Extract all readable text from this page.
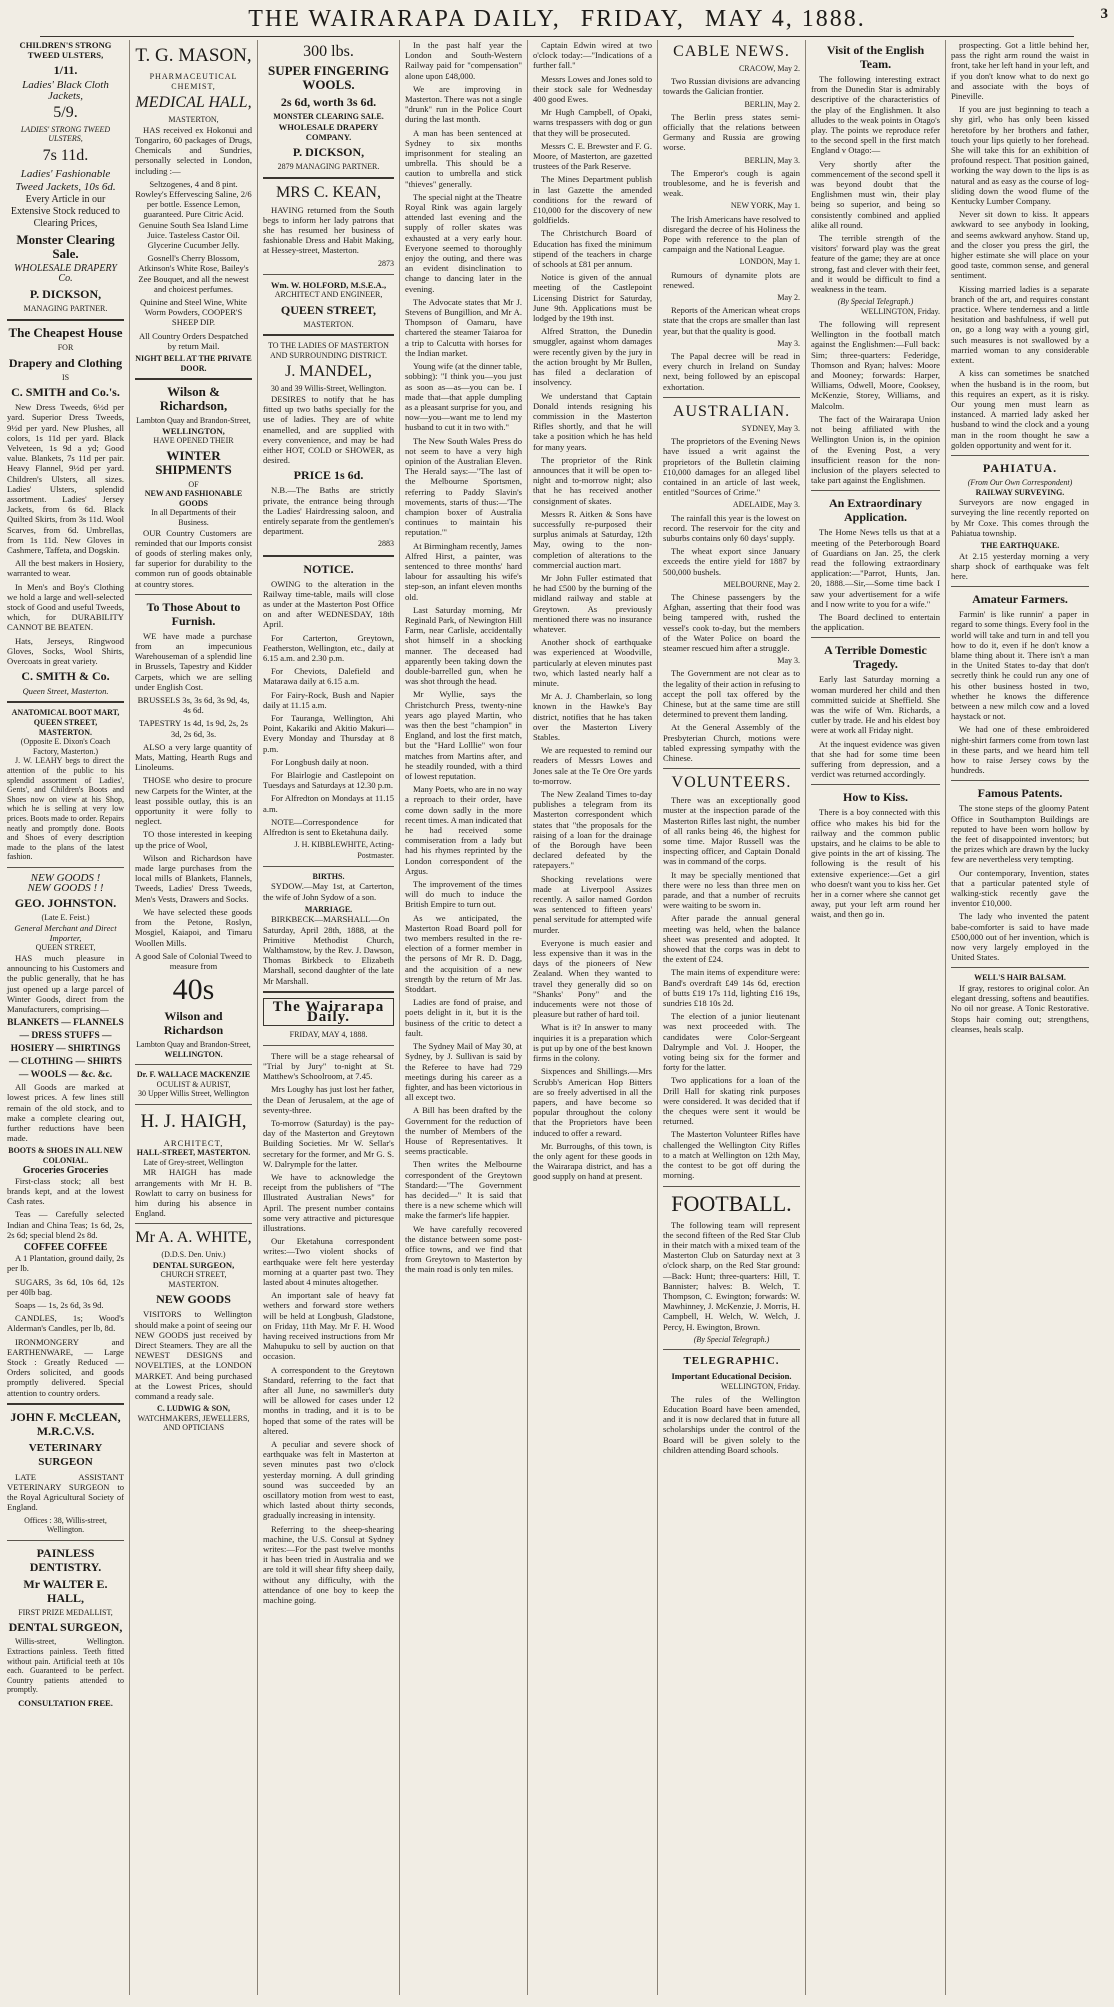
THE WAIRARAPA DAILY, FRIDAY, MAY 4, 1888.	3
CHILDREN'S STRONG TWEED ULSTERS,
1/11.
Ladies' Black Cloth Jackets,
5/9.
LADIES' STRONG TWEED ULSTERS,
7s 11d.
Ladies' Fashionable Tweed Jackets, 10s 6d.
Every Article in our Extensive Stock reduced to Clearing Prices,
Monster Clearing Sale.
WHOLESALE DRAPERY Co.
P. DICKSON,
MANAGING PARTNER.
The Cheapest House
FOR
Drapery and Clothing
IS
C. SMITH and Co.'s.

New Dress Tweeds, 6½d per yard. Superior Dress Tweeds, 9½d per yard. New Plushes, all colors, 1s 11d per yard. Black Velveteen, 1s 9d a yd; Good value. Blankets, 7s 11d per pair. Heavy Flannel, 9½d per yard. Children's Ulsters, all sizes. Ladies' Ulsters, splendid assortment. Ladies' Jersey Jackets, from 6s 6d. Black Quilted Skirts, from 3s 11d. Wool Scarves, from 6d. Umbrellas, from 1s 11d. New Gloves in Cashmere, Taffeta, and Dogskin.

All the best makers in Hosiery, warranted to wear.

In Men's and Boy's Clothing we hold a large and well-selected stock of Good and useful Tweeds, which, for DURABILITY CANNOT BE BEATEN.

Hats, Jerseys, Ringwood Gloves, Socks, Wool Shirts, Overcoats in great variety.

C. SMITH & Co.
Queen Street, Masterton.
ANATOMICAL BOOT MART, QUEEN STREET, MASTERTON.
(Opposite E. Dixon's Coach Factory, Masterton.)

J. W. LEAHY begs to direct the attention of the public to his splendid assortment of Ladies', Gents', and Children's Boots and Shoes now on view at his Shop, which he is selling at very low prices. Boots made to order. Repairs neatly and promptly done. Boots and Shoes of every description made to the plans of the latest fashion.

NEW GOODS !
NEW GOODS ! !
GEO. JOHNSTON.
(Late E. Feist.)
General Merchant and Direct Importer,
QUEEN STREET,

HAS much pleasure in announcing to his Customers and the public generally, that he has just opened up a large parcel of Winter Goods, direct from the Manufacturers, comprising—

BLANKETS — FLANNELS — DRESS STUFFS — HOSIERY — SHIRTINGS — CLOTHING — SHIRTS — WOOLS — &c. &c.

All Goods are marked at lowest prices. A few lines still remain of the old stock, and to make a complete clearing out, further reductions have been made.

BOOTS & SHOES IN ALL NEW COLONIAL.
Groceries Groceries

First-class stock; all best brands kept, and at the lowest Cash rates.

Teas — Carefully selected Indian and China Teas; 1s 6d, 2s, 2s 6d; special blend 2s 8d.

COFFEE COFFEE

A 1 Plantation, ground daily, 2s per lb.

SUGARS, 3s 6d, 10s 6d, 12s per 40lb bag.

Soaps — 1s, 2s 6d, 3s 9d.

CANDLES, 1s; Wood's Alderman's Candles, per lb, 8d.

IRONMONGERY and EARTHENWARE, — Large Stock : Greatly Reduced — Orders solicited, and goods promptly delivered. Special attention to country orders.

JOHN F. McCLEAN, M.R.C.V.S.
VETERINARY SURGEON

LATE ASSISTANT VETERINARY SURGEON to the Royal Agricultural Society of England.

Offices : 38, Willis-street, Wellington.
PAINLESS DENTISTRY.
Mr WALTER E. HALL,
FIRST PRIZE MEDALLIST,
DENTAL SURGEON,

Willis-street, Wellington. Extractions painless. Teeth fitted without pain. Artificial teeth at 10s each. Guaranteed to be perfect. Country patients attended to promptly.

CONSULTATION FREE.
T. G. MASON,
PHARMACEUTICAL CHEMIST,
MEDICAL HALL,
MASTERTON,

HAS received ex Hokonui and Tongariro, 60 packages of Drugs, Chemicals and Sundries, personally selected in London, including :—

Seltzogenes, 4 and 8 pint. Rowley's Effervescing Saline, 2/6 per bottle. Essence Lemon, guaranteed. Pure Citric Acid. Genuine South Sea Island Lime Juice. Tasteless Castor Oil. Glycerine Cucumber Jelly.

Gosnell's Cherry Blossom, Atkinson's White Rose, Bailey's Zee Bouquet, and all the newest and choicest perfumes.

Quinine and Steel Wine, White Worm Powders, COOPER'S SHEEP DIP.

All Country Orders Despatched by return Mail.

NIGHT BELL AT THE PRIVATE DOOR.
Wilson & Richardson,
Lambton Quay and Brandon-Street,
WELLINGTON,
HAVE OPENED THEIR
WINTER SHIPMENTS
OF
NEW AND FASHIONABLE GOODS
In all Departments of their Business.

OUR Country Customers are reminded that our Imports consist of goods of sterling makes only, far superior for durability to the common run of goods obtainable at country stores.

To Those About to Furnish.

WE have made a purchase from an impecunious Warehouseman of a splendid line in Brussels, Tapestry and Kidder Carpets, which we are selling under English Cost.

BRUSSELS 3s, 3s 6d, 3s 9d, 4s, 4s 6d.

TAPESTRY 1s 4d, 1s 9d, 2s, 2s 3d, 2s 6d, 3s.

ALSO a very large quantity of Mats, Matting, Hearth Rugs and Linoleums.

THOSE who desire to procure new Carpets for the Winter, at the least possible outlay, this is an opportunity it were folly to neglect.

TO those interested in keeping up the price of Wool,

Wilson and Richardson have made large purchases from the local mills of Blankets, Flannels, Tweeds, Ladies' Dress Tweeds, Men's Vests, Drawers and Socks.

We have selected these goods from the Petone, Roslyn, Mosgiel, Kaiapoi, and Timaru Woollen Mills.

A good Sale of Colonial Tweed to measure from

40s
Wilson and Richardson
Lambton Quay and Brandon-Street,
WELLINGTON.
Dr. F. WALLACE MACKENZIE
OCULIST & AURIST,
30 Upper Willis Street, Wellington
H. J. HAIGH,
ARCHITECT,
HALL-STREET, MASTERTON.
Late of Grey-street, Wellington

MR HAIGH has made arrangements with Mr H. B. Rowlatt to carry on business for him during his absence in England.

Mr A. A. WHITE,
(D.D.S. Den. Univ.)
DENTAL SURGEON,
CHURCH STREET, MASTERTON.
NEW GOODS

VISITORS to Wellington should make a point of seeing our NEW GOODS just received by Direct Steamers. They are all the NEWEST DESIGNS and NOVELTIES, at the LONDON MARKET. And being purchased at the Lowest Prices, should command a ready sale.

C. LUDWIG & SON,
WATCHMAKERS, JEWELLERS, AND OPTICIANS
300 lbs.
SUPER FINGERING WOOLS.
2s 6d, worth 3s 6d.
MONSTER CLEARING SALE.
WHOLESALE DRAPERY COMPANY.
P. DICKSON,
2879 MANAGING PARTNER.
MRS C. KEAN,

HAVING returned from the South begs to inform her lady patrons that she has resumed her business of fashionable Dress and Habit Making, at Hessey-street, Masterton.

2873
Wm. W. HOLFORD, M.S.E.A.,
ARCHITECT AND ENGINEER,
QUEEN STREET,
MASTERTON.
TO THE LADIES OF MASTERTON AND SURROUNDING DISTRICT.
J. MANDEL,
30 and 39 Willis-Street, Wellington.

DESIRES to notify that he has fitted up two baths specially for the use of ladies. They are of white enamelled, and are supplied with every convenience, and may be had either HOT, COLD or SHOWER, as desired.

PRICE 1s 6d.

N.B.—The Baths are strictly private, the entrance being through the Ladies' Hairdressing saloon, and entirely separate from the gentlemen's department.

2883
NOTICE.

OWING to the alteration in the Railway time-table, mails will close as under at the Masterton Post Office on and after WEDNESDAY, 18th April.

For Carterton, Greytown, Featherston, Wellington, etc., daily at 6.15 a.m. and 2.30 p.m.

For Cheviots, Dalefield and Matarawa daily at 6.15 a.m.

For Fairy-Rock, Bush and Napier daily at 11.15 a.m.

For Tauranga, Wellington, Ahi Point, Kakariki and Akitio Makuri—Every Monday and Thursday at 8 p.m.

For Longbush daily at noon.

For Blairlogie and Castlepoint on Tuesdays and Saturdays at 12.30 p.m.

For Alfredton on Mondays at 11.15 a.m.

NOTE—Correspondence for Alfredton is sent to Eketahuna daily.

J. H. KIBBLEWHITE, Acting-Postmaster.
BIRTHS.

SYDOW.—May 1st, at Carterton, the wife of John Sydow of a son.

MARRIAGE.

BIRKBECK—MARSHALL—On Saturday, April 28th, 1888, at the Primitive Methodist Church, Walthamstow, by the Rev. J. Dawson, Thomas Birkbeck to Elizabeth Marshall, second daughter of the late Mr Marshall.

The Wairarapa Daily.
FRIDAY, MAY 4, 1888.

There will be a stage rehearsal of "Trial by Jury" to-night at St. Matthew's Schoolroom, at 7.45.

Mrs Loughy has just lost her father, the Dean of Jerusalem, at the age of seventy-three.

To-morrow (Saturday) is the pay-day of the Masterton and Greytown Building Societies. Mr W. Sellar's secretary for the former, and Mr G. S. W. Dalrymple for the latter.

We have to acknowledge the receipt from the publishers of "The Illustrated Australian News" for April. The present number contains some very attractive and picturesque illustrations.

Our Eketahuna correspondent writes:—Two violent shocks of earthquake were felt here yesterday morning at a quarter past two. They lasted about 4 minutes altogether.

An important sale of heavy fat wethers and forward store wethers will be held at Longbush, Gladstone, on Friday, 11th May. Mr F. H. Wood having received instructions from Mr Mahupuku to sell by auction on that occasion.

A correspondent to the Greytown Standard, referring to the fact that after all June, no sawmiller's duty will be allowed for cases under 12 months in trading, and it is to be hoped that some of the rates will be altered.

A peculiar and severe shock of earthquake was felt in Masterton at seven minutes past two o'clock yesterday morning. A dull grinding sound was succeeded by an oscillatory motion from west to east, which lasted about thirty seconds, gradually increasing in intensity.

Referring to the sheep-shearing machine, the U.S. Consul at Sydney writes:—For the past twelve months it has been tried in Australia and we are told it will shear fifty sheep daily, without any difficulty, with the attendance of one boy to keep the machine going.

In the past half year the London and South-Western Railway paid for "compensation" alone upon £48,000.

We are improving in Masterton. There was not a single "drunk" run in the Police Court during the last month.

A man has been sentenced at Sydney to six months imprisonment for stealing an umbrella. This should be a caution to umbrella and stick "thieves" generally.

The special night at the Theatre Royal Rink was again largely attended last evening and the supply of roller skates was exhausted at a very early hour. Everyone seemed to thoroughly enjoy the outing, and there was an evident disinclination to change to dancing later in the evening.

The Advocate states that Mr J. Stevens of Bungillion, and Mr A. Thompson of Oamaru, have chartered the steamer Taiaroa for a trip to Calcutta with horses for the Indian market.

Young wife (at the dinner table, sobbing): "I think you—you just as soon as—as—you can be. I made that—that apple dumpling as a pleasant surprise for you, and now—you—want me to lend my husband to cut it in two with."

The New South Wales Press do not seem to have a very high opinion of the Australian Eleven. The Herald says:—"The last of the Melbourne Sportsmen, referring to Paddy Slavin's movements, starts of thus:—'The champion boxer of Australia continues to maintain his reputation.'"

At Birmingham recently, James Alfred Hirst, a painter, was sentenced to three months' hard labour for assaulting his wife's step-son, an infant eleven months old.

Last Saturday morning, Mr Reginald Park, of Newington Hill Farm, near Carlisle, accidentally shot himself in a shocking manner. The deceased had apparently been taking down the double-barrelled gun, when he was shot through the head.

Mr Wyllie, says the Christchurch Press, twenty-nine years ago played Martin, who was then the best "champion" in England, and lost the first match, but the "Hard Lolllie" won four matches from Martins after, and he steadily rounded, with a third of lowest reputation.

Many Poets, who are in no way a reproach to their order, have come down sadly in the more recent times. A man indicated that he had received some commiseration from a lady but had his rhymes reprinted by the London correspondent of the Argus.

The improvement of the times will do much to induce the British Empire to turn out.

As we anticipated, the Masterton Road Board poll for two members resulted in the re-election of a former member in the persons of Mr R. D. Dagg, and the acquisition of a new strength by the return of Mr Jas. Stoddart.

Ladies are fond of praise, and poets delight in it, but it is the business of the critic to detect a fault.

The Sydney Mail of May 30, at Sydney, by J. Sullivan is said by the Referee to have had 729 meetings during his career as a fighter, and has been victorious in all except two.

A Bill has been drafted by the Government for the reduction of the number of Members of the House of Representatives. It seems practicable.

Then writes the Melbourne correspondent of the Greytown Standard:—"The Government has decided—" It is said that there is a new scheme which will make the farmer's life happier.

We have carefully recovered the distance between some post-office towns, and we find that from Greytown to Masterton by the main road is only ten miles.

Captain Edwin wired at two o'clock today:—"Indications of a further fall."

Messrs Lowes and Jones sold to their stock sale for Wednesday 400 good Ewes.

Mr Hugh Campbell, of Opaki, warns trespassers with dog or gun that they will be prosecuted.

Messrs C. E. Brewster and F. G. Moore, of Masterton, are gazetted trustees of the Park Reserve.

The Mines Department publish in last Gazette the amended conditions for the reward of £10,000 for the discovery of new goldfields.

The Christchurch Board of Education has fixed the minimum stipend of the teachers in charge of schools at £81 per annum.

Notice is given of the annual meeting of the Castlepoint Licensing District for Saturday, June 9th. Applications must be lodged by the 19th inst.

Alfred Stratton, the Dunedin smuggler, against whom damages were recently given by the jury in the action brought by Mr Bullen, has filed a declaration of insolvency.

We understand that Captain Donald intends resigning his commission in the Masterton Rifles shortly, and that he will take a position which he has held for many years.

The proprietor of the Rink announces that it will be open to-night and to-morrow night; also that he has received another consignment of skates.

Messrs R. Aitken & Sons have successfully re-purposed their surplus animals at Saturday, 12th May, owing to the non-completion of alterations to the commercial auction mart.

Mr John Fuller estimated that he had £500 by the burning of the midland railway and stable at Greytown. As previously mentioned there was no insurance whatever.

Another shock of earthquake was experienced at Woodville, particularly at eleven minutes past two, which lasted nearly half a minute.

Mr A. J. Chamberlain, so long known in the Hawke's Bay district, notifies that he has taken over the Masterton Livery Stables.

We are requested to remind our readers of Messrs Lowes and Jones sale at the Te Ore Ore yards to-morrow.

The New Zealand Times to-day publishes a telegram from its Masterton correspondent which states that "the proposals for the raising of a loan for the drainage of the Borough have been declared defeated by the ratepayers."

Shocking revelations were made at Liverpool Assizes recently. A sailor named Gordon was sentenced to fifteen years' penal servitude for attempted wife murder.

Everyone is much easier and less expensive than it was in the days of the pioneers of New Zealand. When they wanted to travel they generally did so on "Shanks' Pony" and the inducements were not those of pleasure but rather of hard toil.

What is it? In answer to many inquiries it is a preparation which is put up by one of the best known firms in the colony.

Sixpences and Shillings.—Mrs Scrubb's American Hop Bitters are so freely advertised in all the papers, and have become so popular throughout the colony that the Proprietors have been induced to offer a reward.

Mr. Burroughs, of this town, is the only agent for these goods in the Wairarapa district, and has a good supply on hand at present.

CABLE NEWS.
CRACOW, May 2.

Two Russian divisions are advancing towards the Galician frontier.

BERLIN, May 2.

The Berlin press states semi-officially that the relations between Germany and Russia are growing worse.

BERLIN, May 3.

The Emperor's cough is again troublesome, and he is feverish and weak.

NEW YORK, May 1.

The Irish Americans have resolved to disregard the decree of his Holiness the Pope with reference to the plan of campaign and the National League.

LONDON, May 1.

Rumours of dynamite plots are renewed.

May 2.

Reports of the American wheat crops state that the crops are smaller than last year, but that the quality is good.

May 3.

The Papal decree will be read in every church in Ireland on Sunday next, being followed by an episcopal exhortation.

AUSTRALIAN.
SYDNEY, May 3.

The proprietors of the Evening News have issued a writ against the proprietors of the Bulletin claiming £10,000 damages for an alleged libel contained in an article of last week, entitled "Sources of Crime."

ADELAIDE, May 3.

The rainfall this year is the lowest on record. The reservoir for the city and suburbs contains only 60 days' supply.

The wheat export since January exceeds the entire yield for 1887 by 500,000 bushels.

MELBOURNE, May 2.

The Chinese passengers by the Afghan, asserting that their food was being tampered with, rushed the vessel's cook to-day, but the members of the Water Police on board the steamer rescued him after a struggle.

May 3.

The Government are not clear as to the legality of their action in refusing to accept the poll tax offered by the Chinese, but at the same time are still determined to prevent them landing.

At the General Assembly of the Presbyterian Church, motions were tabled expressing sympathy with the Chinese.

VOLUNTEERS.

There was an exceptionally good muster at the inspection parade of the Masterton Rifles last night, the number of all ranks being 46, the highest for some time. Major Russell was the inspecting officer, and Captain Donald was in command of the corps.

It may be specially mentioned that there were no less than three men on parade, and that a number of recruits were waiting to be sworn in.

After parade the annual general meeting was held, when the balance sheet was presented and adopted. It showed that the corps was in debt to the extent of £24.

The main items of expenditure were: Band's overdraft £49 14s 6d, erection of butts £19 17s 11d, lighting £16 19s, sundries £18 10s 2d.

The election of a junior lieutenant was next proceeded with. The candidates were Color-Sergeant Dalrymple and Vol. J. Hooper, the voting being six for the former and forty for the latter.

Two applications for a loan of the Drill Hall for skating rink purposes were considered. It was decided that if the cheques were sent it would be returned.

The Masterton Volunteer Rifles have challenged the Wellington City Rifles to a match at Wellington on 12th May, the contest to be got off during the morning.

FOOTBALL.

The following team will represent the second fifteen of the Red Star Club in their match with a mixed team of the Masterton Club on Saturday next at 3 o'clock sharp, on the Red Star ground:—Back: Hunt; three-quarters: Hill, T. Bannister; halves: B. Welch, T. Thompson, C. Ewington; forwards: W. Mawhinney, J. McKenzie, J. Morris, H. Campbell, H. Welch, W. Welch, J. Percy, H. Ewington, Brown.

(By Special Telegraph.)
TELEGRAPHIC.
Important Educational Decision.
WELLINGTON, Friday.

The rules of the Wellington Education Board have been amended, and it is now declared that in future all scholarships under the control of the Board will be given solely to the children attending Board schools.

Visit of the English Team.

The following interesting extract from the Dunedin Star is admirably descriptive of the characteristics of the play of the Englishmen. It also alludes to the weak points in Otago's play. The points we reproduce refer to the second spell in the first match England v Otago:—

Very shortly after the commencement of the second spell it was beyond doubt that the Englishmen must win, their play being so superior, and being so consistently combined and applied alike all round.

The terrible strength of the visitors' forward play was the great feature of the game; they are at once strong, fast and clever with their feet, and it would be difficult to find a weakness in the team.

(By Special Telegraph.)
WELLINGTON, Friday.

The following will represent Wellington in the football match against the Englishmen:—Full back: Sim; three-quarters: Federidge, Thomson and Ryan; halves: Moore and Mooney; forwards: Harper, Williams, Odwell, Moore, Cooksey, McKenzie, Storey, Williams, and Malcolm.

The fact of the Wairarapa Union not being affiliated with the Wellington Union is, in the opinion of the Evening Post, a very insufficient reason for the non-inclusion of the players selected to take part against the Englishmen.

An Extraordinary Application.

The Home News tells us that at a meeting of the Peterborough Board of Guardians on Jan. 25, the clerk read the following extraordinary application:—"Parrot, Hunts, Jan. 20, 1888.—Sir,—Some time back I saw your advertisement for a wife and I now write to you for a wife."

The Board declined to entertain the application.

A Terrible Domestic Tragedy.

Early last Saturday morning a woman murdered her child and then committed suicide at Sheffield. She was the wife of Wm. Richards, a cutler by trade. He and his eldest boy were at work all Friday night.

At the inquest evidence was given that she had for some time been suffering from depression, and a verdict was returned accordingly.

How to Kiss.

There is a boy connected with this office who makes his bid for the railway and the common public upstairs, and he claims to be able to give points in the art of kissing. The following is the result of his extensive experience:—Get a girl who doesn't want you to kiss her. Get her in a corner where she cannot get away, put your left arm round her waist, and then go in.

prospecting. Got a little behind her, pass the right arm round the waist in front, take her left hand in your left, and if you don't know what to do next go and associate with the boys of Pineville.

If you are just beginning to teach a shy girl, who has only been kissed heretofore by her brothers and father, touch your lips quietly to her forehead. She will take this for an exhibition of profound respect. That position gained, working the way down to the lips is as natural and as easy as the course of log-sliding down the wood flume of the Kentucky Lumber Company.

Never sit down to kiss. It appears awkward to see anybody in looking, and seems awkward anyhow. Stand up, and the closer you press the girl, the higher estimate she will place on your good taste, common sense, and general sentiment.

Kissing married ladies is a separate branch of the art, and requires constant practice. Where tenderness and a little hesitation and bashfulness, if well put on, go a long way with a young girl, such measures is not swallowed by a married woman to any considerable extent.

A kiss can sometimes be snatched when the husband is in the room, but this requires an expert, as it is risky. Our young men must learn as instanced. A married lady asked her husband to wind the clock and a young man in the room thought he saw a golden opportunity and went for it.

PAHIATUA.
(From Our Own Correspondent)
RAILWAY SURVEYING.

Surveyors are now engaged in surveying the line recently reported on by Mr Coxe. This comes through the Pahiatua township.

THE EARTHQUAKE.

At 2.15 yesterday morning a very sharp shock of earthquake was felt here.

Amateur Farmers.

Farmin' is like runnin' a paper in regard to some things. Every fool in the world will take and turn in and tell you how to do it, even if he don't know a blame thing about it. There isn't a man in the United States to-day that don't secretly think he could run any one of his other business hosted in two, whether he knows the difference between a new milch cow and a loved haystack or not.

We had one of these embroidered night-shirt farmers come from town last in these parts, and we heard him tell how to raise Jersey cows by the hundreds.

Famous Patents.

The stone steps of the gloomy Patent Office in Southampton Buildings are reputed to have been worn hollow by the feet of disappointed inventors; but the prizes which are drawn by the lucky few are nevertheless very tempting.

Our contemporary, Invention, states that a particular patented style of walking-stick recently gave the inventor £10,000.

The lady who invented the patent babe-comforter is said to have made £500,000 out of her invention, which is now very largely employed in the United States.

WELL'S HAIR BALSAM.

If gray, restores to original color. An elegant dressing, softens and beautifies. No oil nor grease. A Tonic Restorative. Stops hair coming out; strengthens, cleanses, heals scalp.
